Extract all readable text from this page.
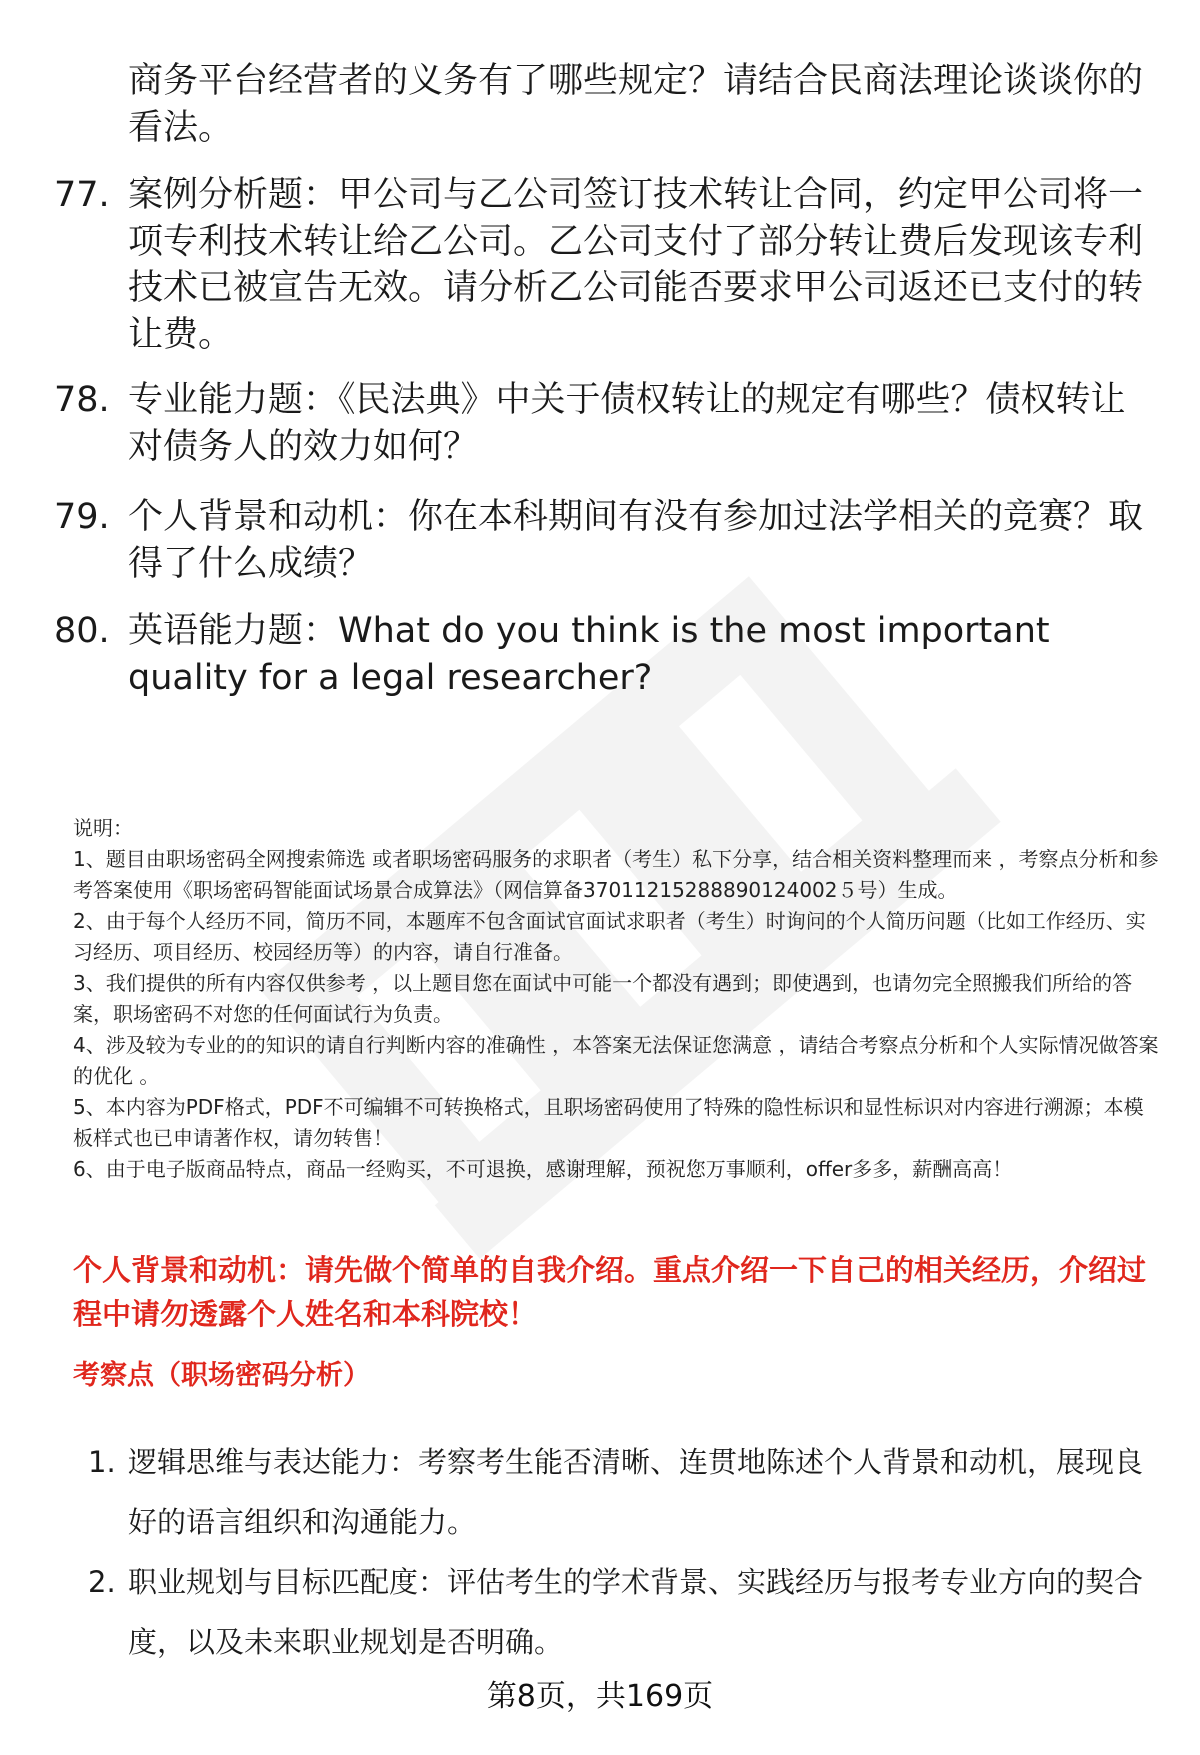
商务平台经营者的义务有了哪些规定？请结合民商法理论谈谈你的看法。
77. 案例分析题：甲公司与乙公司签订技术转让合同，约定甲公司将一项专利技术转让给乙公司。乙公司支付了部分转让费后发现该专利技术已被宣告无效。请分析乙公司能否要求甲公司返还已支付的转让费。
78. 专业能力题：《民法典》中关于债权转让的规定有哪些？债权转让对债务人的效力如何？
79. 个人背景和动机：你在本科期间有没有参加过法学相关的竞赛？取得了什么成绩？
80. 英语能力题：What do you think is the most important quality for a legal researcher?

说明：

1、题目由职场密码全网搜索筛选 或者职场密码服务的求职者（考生）私下分享，结合相关资料整理而来 ，考察点分析和参考答案使用《职场密码智能面试场景合成算法》（网信算备37011215288890124002５号）生成。

2、由于每个人经历不同，简历不同，本题库不包含面试官面试求职者（考生）时询问的个人简历问题（比如工作经历、实习经历、项目经历、校园经历等）的内容，请自行准备。

3、我们提供的所有内容仅供参考 ，以上题目您在面试中可能一个都没有遇到；即使遇到，也请勿完全照搬我们所给的答案，职场密码不对您的任何面试行为负责。

4、涉及较为专业的的知识的请自行判断内容的准确性 ，本答案无法保证您满意 ，请结合考察点分析和个人实际情况做答案的优化 。

5、本内容为PDF格式，PDF不可编辑不可转换格式，且职场密码使用了特殊的隐性标识和显性标识对内容进行溯源；本模板样式也已申请著作权，请勿转售！

6、由于电子版商品特点，商品一经购买，不可退换，感谢理解，预祝您万事顺利，offer多多，薪酬高高！

个人背景和动机：请先做个简单的自我介绍。重点介绍一下自己的相关经历，介绍过程中请勿透露个人姓名和本科院校！
考察点（职场密码分析）
1. 逻辑思维与表达能力：考察考生能否清晰、连贯地陈述个人背景和动机，展现良好的语言组织和沟通能力。
2. 职业规划与目标匹配度：评估考生的学术背景、实践经历与报考专业方向的契合度，以及未来职业规划是否明确。
第8页，共169页
